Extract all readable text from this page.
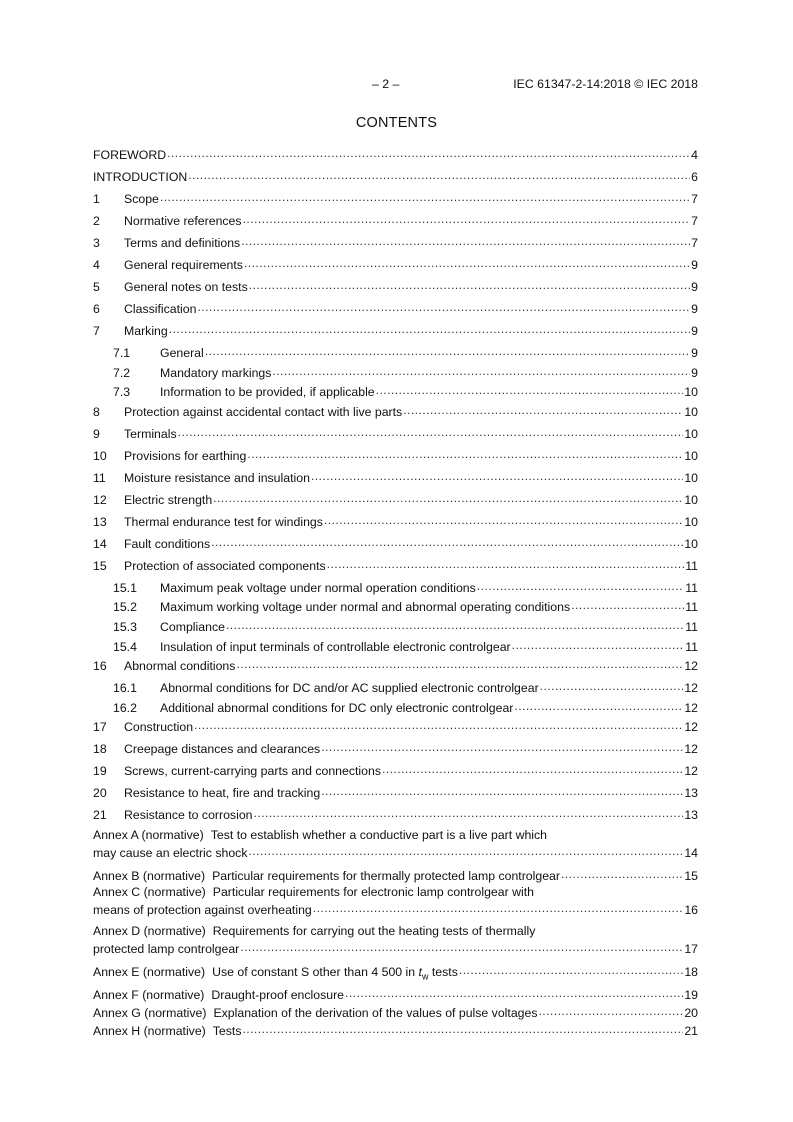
– 2 –	IEC 61347-2-14:2018 © IEC 2018
CONTENTS
FOREWORD .....	4
INTRODUCTION .....	6
1	Scope .....	7
2	Normative references .....	7
3	Terms and definitions .....	7
4	General requirements .....	9
5	General notes on tests .....	9
6	Classification .....	9
7	Marking .....	9
7.1	General .....	9
7.2	Mandatory markings .....	9
7.3	Information to be provided, if applicable .....	10
8	Protection against accidental contact with live parts .....	10
9	Terminals .....	10
10	Provisions for earthing .....	10
11	Moisture resistance and insulation .....	10
12	Electric strength .....	10
13	Thermal endurance test for windings .....	10
14	Fault conditions .....	10
15	Protection of associated components .....	11
15.1	Maximum peak voltage under normal operation conditions .....	11
15.2	Maximum working voltage under normal and abnormal operating conditions .....	11
15.3	Compliance .....	11
15.4	Insulation of input terminals of controllable electronic controlgear .....	11
16	Abnormal conditions .....	12
16.1	Abnormal conditions for DC and/or AC supplied electronic controlgear .....	12
16.2	Additional abnormal conditions for DC only electronic controlgear .....	12
17	Construction .....	12
18	Creepage distances and clearances .....	12
19	Screws, current-carrying parts and connections .....	12
20	Resistance to heat, fire and tracking .....	13
21	Resistance to corrosion .....	13
Annex A (normative) Test to establish whether a conductive part is a live part which
may cause an electric shock .....	14
Annex B (normative) Particular requirements for thermally protected lamp controlgear .....	15
Annex C (normative) Particular requirements for electronic lamp controlgear with
means of protection against overheating .....	16
Annex D (normative) Requirements for carrying out the heating tests of thermally
protected lamp controlgear .....	17
Annex E (normative) Use of constant S other than 4 500 in $t_w$ tests .....	18
Annex F (normative) Draught-proof enclosure .....	19
Annex G (normative) Explanation of the derivation of the values of pulse voltages .....	20
Annex H (normative) Tests .....	21
